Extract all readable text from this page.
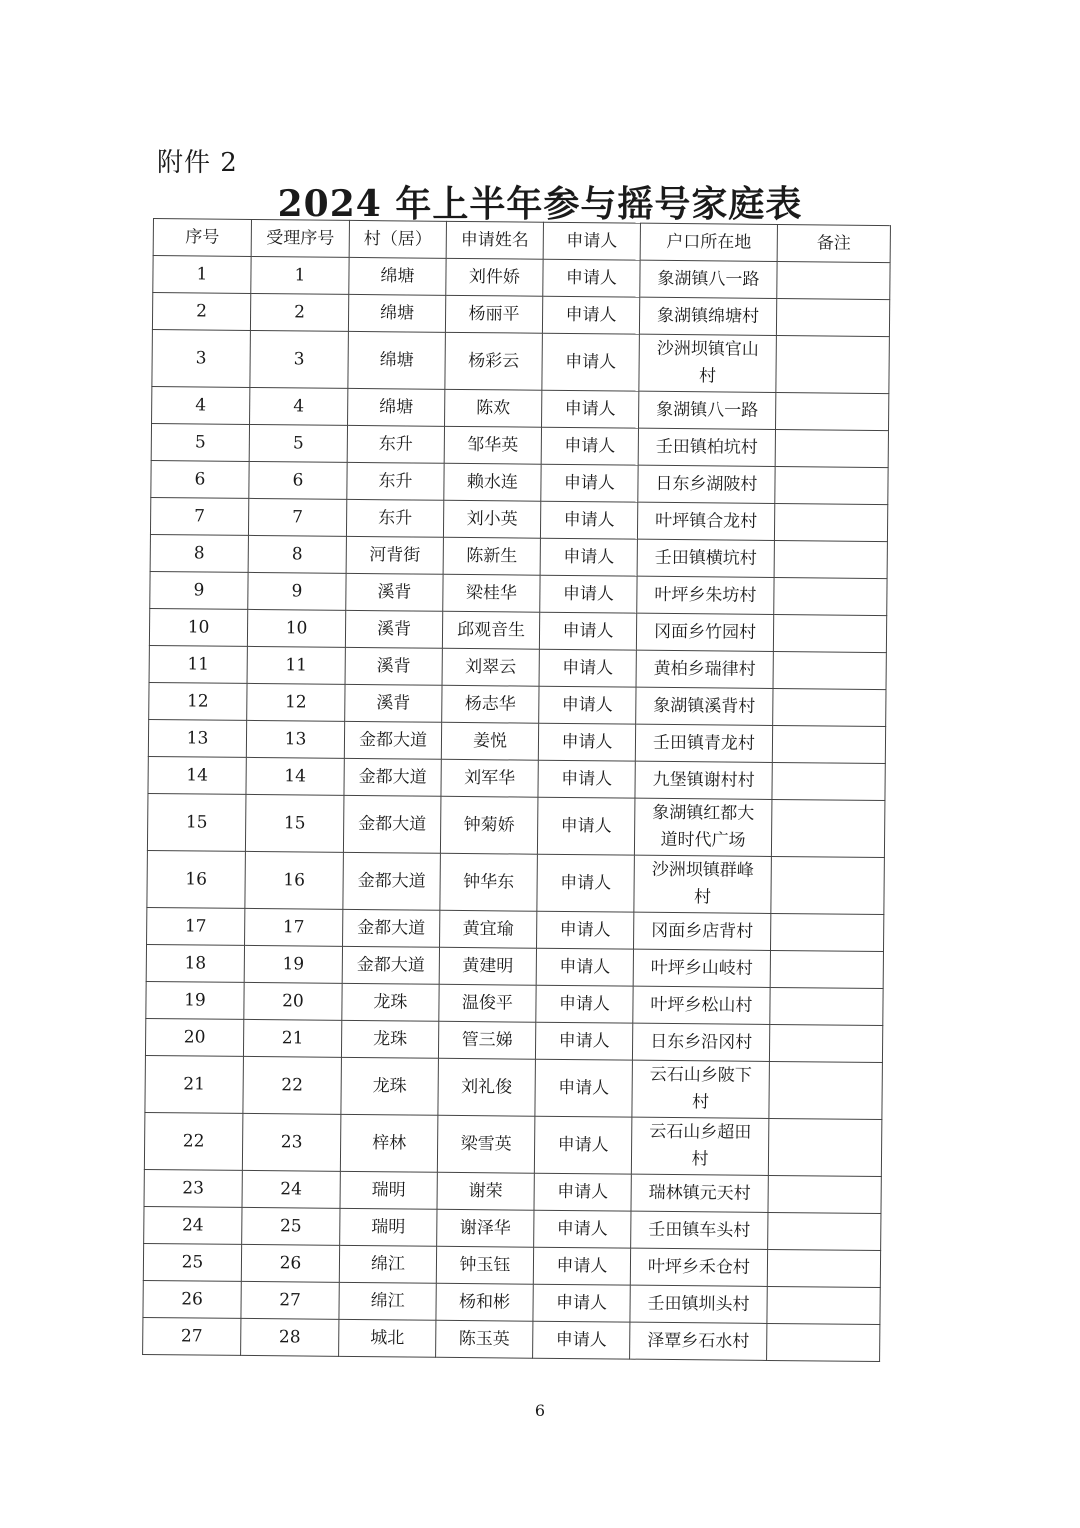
附件 2
2024 年上半年参与摇号家庭表
序号	受理序号	村（居）	申请姓名	申请人	户口所在地	备注
1	1	绵塘	刘件娇	申请人	象湖镇八一路	
2	2	绵塘	杨丽平	申请人	象湖镇绵塘村	
3	3	绵塘	杨彩云	申请人	沙洲坝镇官山村	
4	4	绵塘	陈欢	申请人	象湖镇八一路	
5	5	东升	邹华英	申请人	壬田镇柏坑村	
6	6	东升	赖水连	申请人	日东乡湖陂村	
7	7	东升	刘小英	申请人	叶坪镇合龙村	
8	8	河背街	陈新生	申请人	壬田镇横坑村	
9	9	溪背	梁桂华	申请人	叶坪乡朱坊村	
10	10	溪背	邱观音生	申请人	冈面乡竹园村	
11	11	溪背	刘翠云	申请人	黄柏乡瑞律村	
12	12	溪背	杨志华	申请人	象湖镇溪背村	
13	13	金都大道	姜悦	申请人	壬田镇青龙村	
14	14	金都大道	刘军华	申请人	九堡镇谢村村	
15	15	金都大道	钟菊娇	申请人	象湖镇红都大道时代广场	
16	16	金都大道	钟华东	申请人	沙洲坝镇群峰村	
17	17	金都大道	黄宜瑜	申请人	冈面乡店背村	
18	19	金都大道	黄建明	申请人	叶坪乡山岐村	
19	20	龙珠	温俊平	申请人	叶坪乡松山村	
20	21	龙珠	管三娣	申请人	日东乡沿冈村	
21	22	龙珠	刘礼俊	申请人	云石山乡陂下村	
22	23	梓林	梁雪英	申请人	云石山乡超田村	
23	24	瑞明	谢荣	申请人	瑞林镇元天村	
24	25	瑞明	谢泽华	申请人	壬田镇车头村	
25	26	绵江	钟玉钰	申请人	叶坪乡禾仓村	
26	27	绵江	杨和彬	申请人	壬田镇圳头村	
27	28	城北	陈玉英	申请人	泽覃乡石水村	
6
